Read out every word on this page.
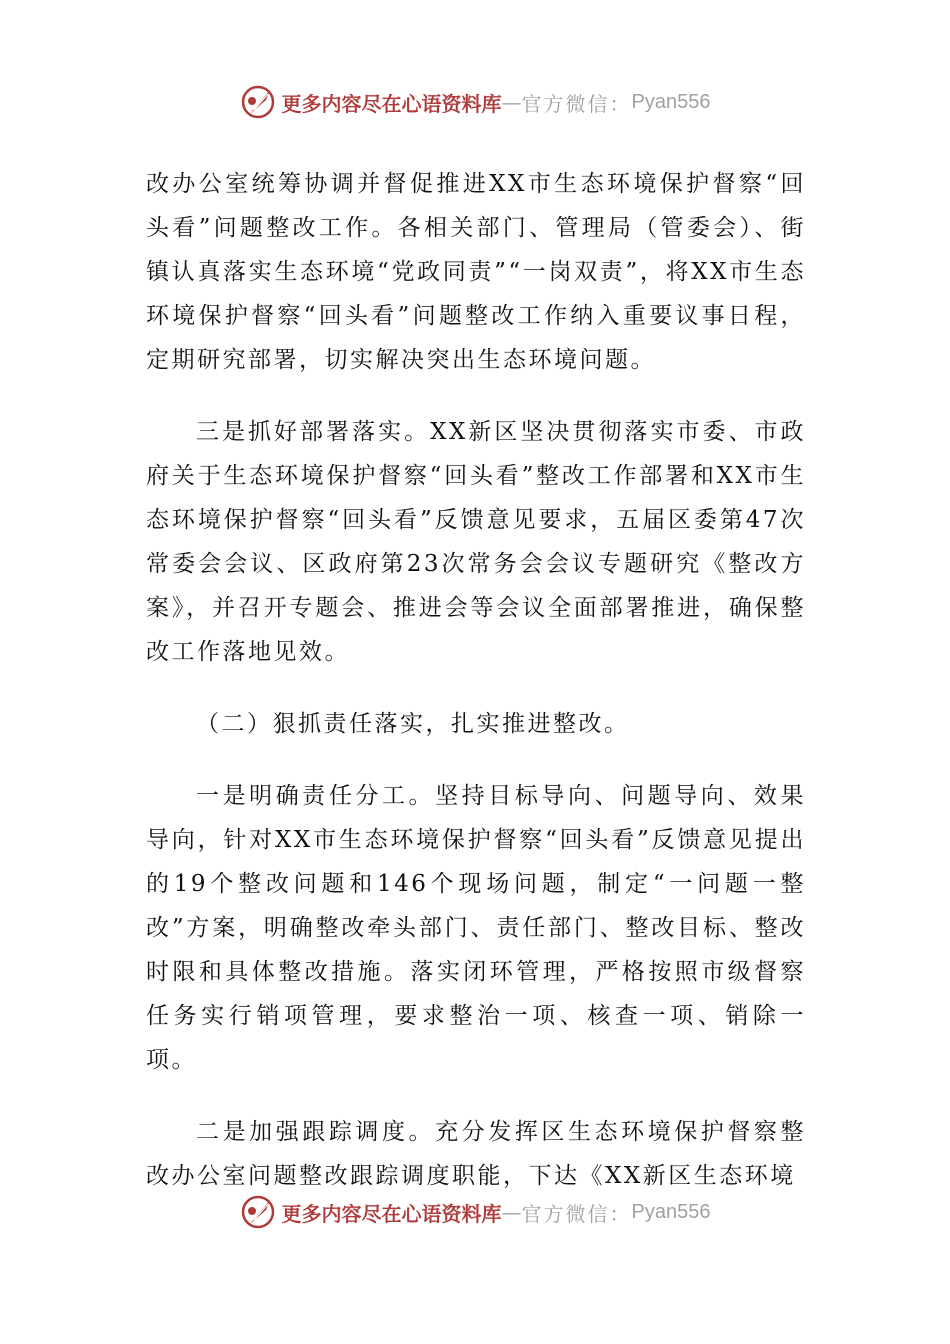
更多内容尽在心语资料库 — 官方微信： Pyan556

改办公室统筹协调并督促推进XX市生态环境保护督察“回头看”问题整改工作。各相关部门、管理局（管委会）、街镇认真落实生态环境“党政同责”“一岗双责”，将XX市生态环境保护督察“回头看”问题整改工作纳入重要议事日程，定期研究部署，切实解决突出生态环境问题。

三是抓好部署落实。XX新区坚决贯彻落实市委、市政府关于生态环境保护督察“回头看”整改工作部署和XX市生态环境保护督察“回头看”反馈意见要求，五届区委第47次常委会会议、区政府第23次常务会会议专题研究《整改方案》，并召开专题会、推进会等会议全面部署推进，确保整改工作落地见效。

（二）狠抓责任落实，扎实推进整改。

一是明确责任分工。坚持目标导向、问题导向、效果导向，针对XX市生态环境保护督察“回头看”反馈意见提出的19个整改问题和146个现场问题，制定“一问题一整改”方案，明确整改牵头部门、责任部门、整改目标、整改时限和具体整改措施。落实闭环管理，严格按照市级督察任务实行销项管理，要求整治一项、核查一项、销除一项。

二是加强跟踪调度。充分发挥区生态环境保护督察整改办公室问题整改跟踪调度职能，下达《XX新区生态环境

更多内容尽在心语资料库 — 官方微信： Pyan556
